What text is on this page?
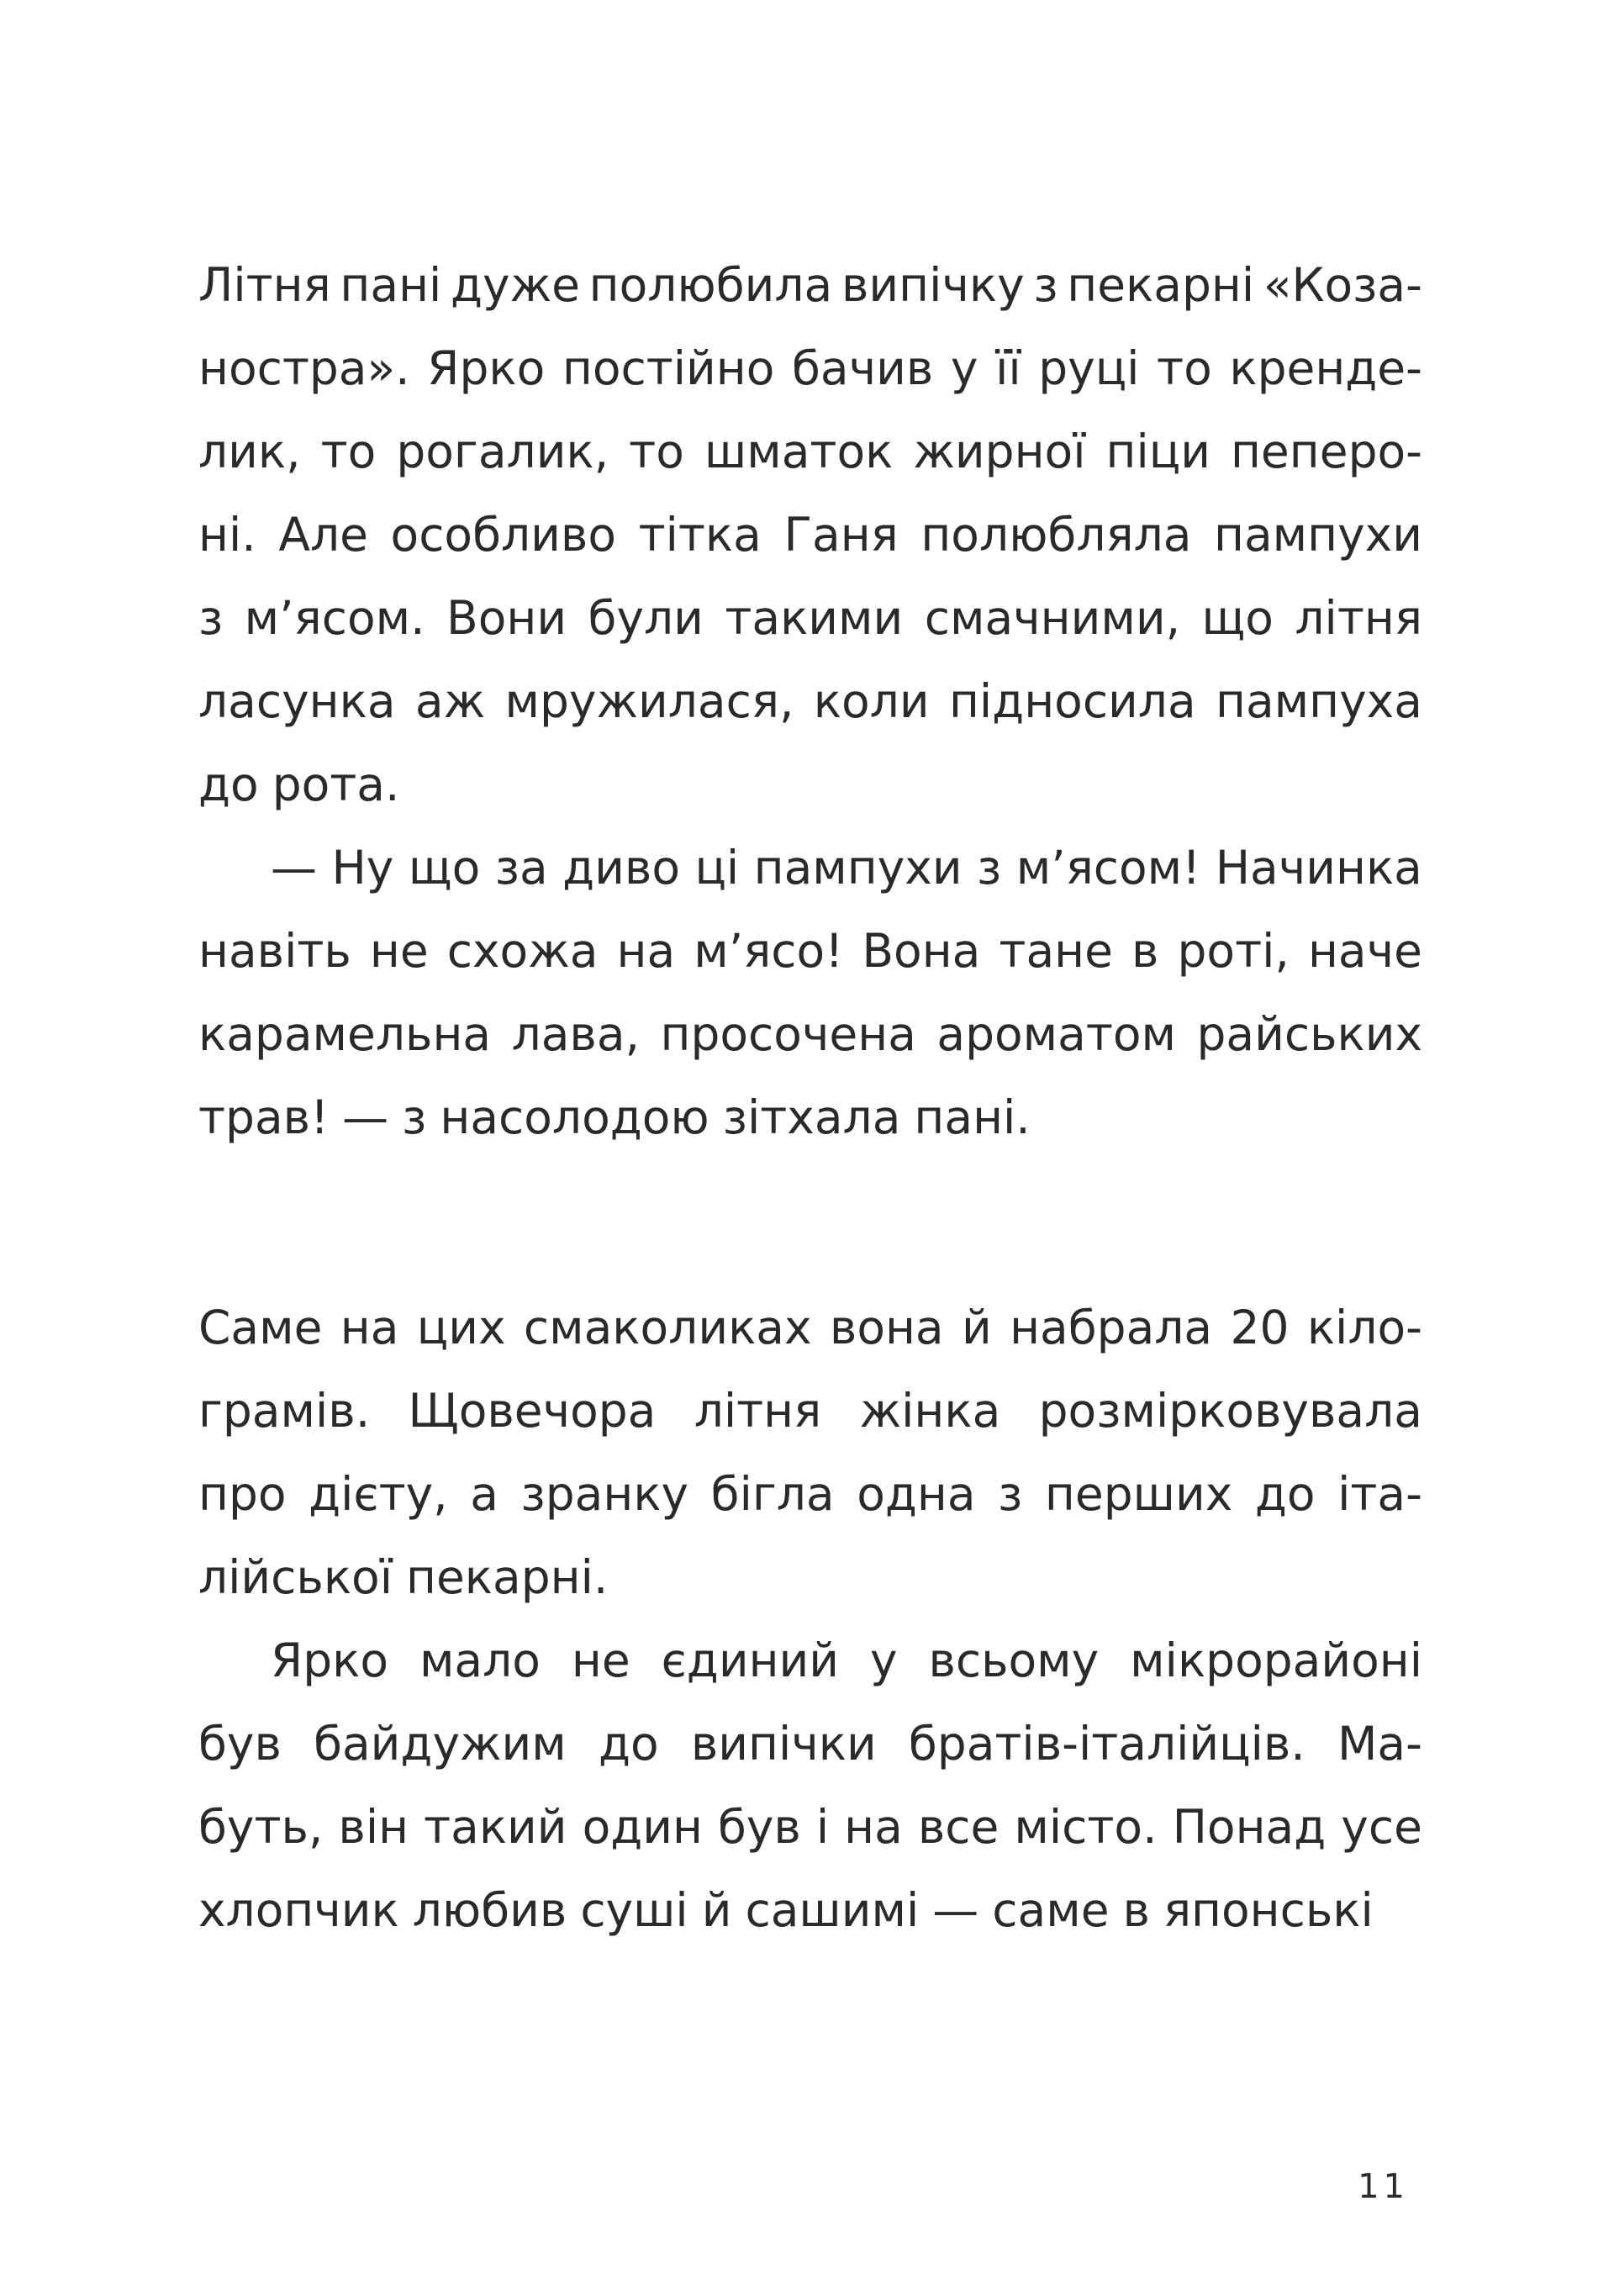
Літня пані дуже полюбила випічку з пекарні «Коза-
ностра». Ярко постійно бачив у її руці то кренде-
лик, то рогалик, то шматок жирної піци пеперо-
ні. Але особливо тітка Ганя полюбляла пампухи
з м’ясом. Вони були такими смачними, що літня
ласунка аж мружилася, коли підносила пампуха
до рота.
— Ну що за диво ці пампухи з м’ясом! Начинка
навіть не схожа на м’ясо! Вона тане в роті, наче
карамельна лава, просочена ароматом райських
трав! — з насолодою зітхала пані.
Саме на цих смаколиках вона й набрала 20 кіло-
грамів. Щовечора літня жінка розмірковувала
про дієту, а зранку бігла одна з перших до іта-
лійської пекарні.
Ярко мало не єдиний у всьому мікрорайоні
був байдужим до випічки братів-італійців. Ма-
буть, він такий один був і на все місто. Понад усе
хлопчик любив суші й сашимі — саме в японські
11
